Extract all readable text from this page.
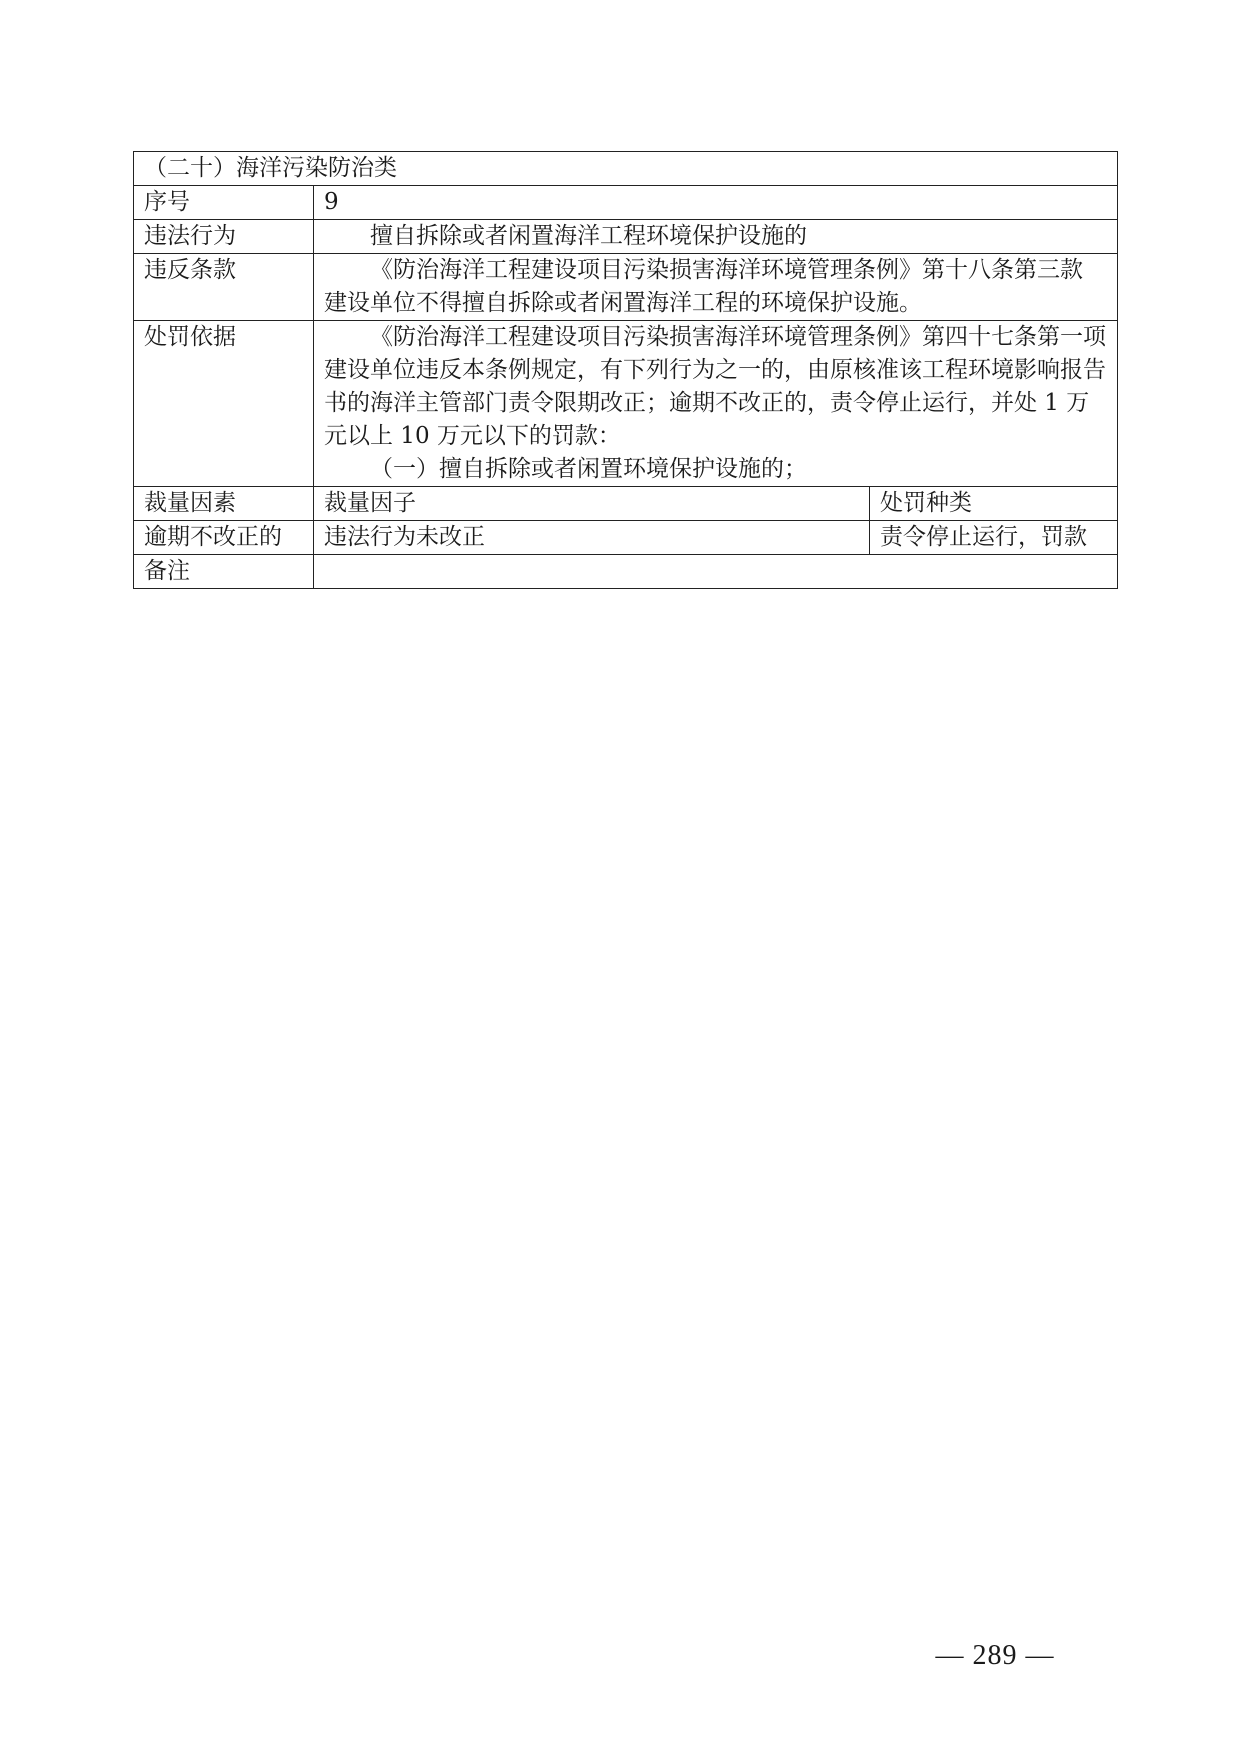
（二十）海洋污染防治类		
序号	9	
违法行为	擅自拆除或者闲置海洋工程环境保护设施的	
违反条款	《防治海洋工程建设项目污染损害海洋环境管理条例》第十八条第三款 建设单位不得擅自拆除或者闲置海洋工程的环境保护设施。	
处罚依据	《防治海洋工程建设项目污染损害海洋环境管理条例》第四十七条第一项 建设单位违反本条例规定，有下列行为之一的，由原核准该工程环境影响报告书的海洋主管部门责令限期改正；逾期不改正的，责令停止运行，并处 1 万元以上 10 万元以下的罚款：
（一）擅自拆除或者闲置环境保护设施的；	

裁量因素	裁量因子	处罚种类
逾期不改正的	违法行为未改正	责令停止运行，罚款
备注		
— 289 —
